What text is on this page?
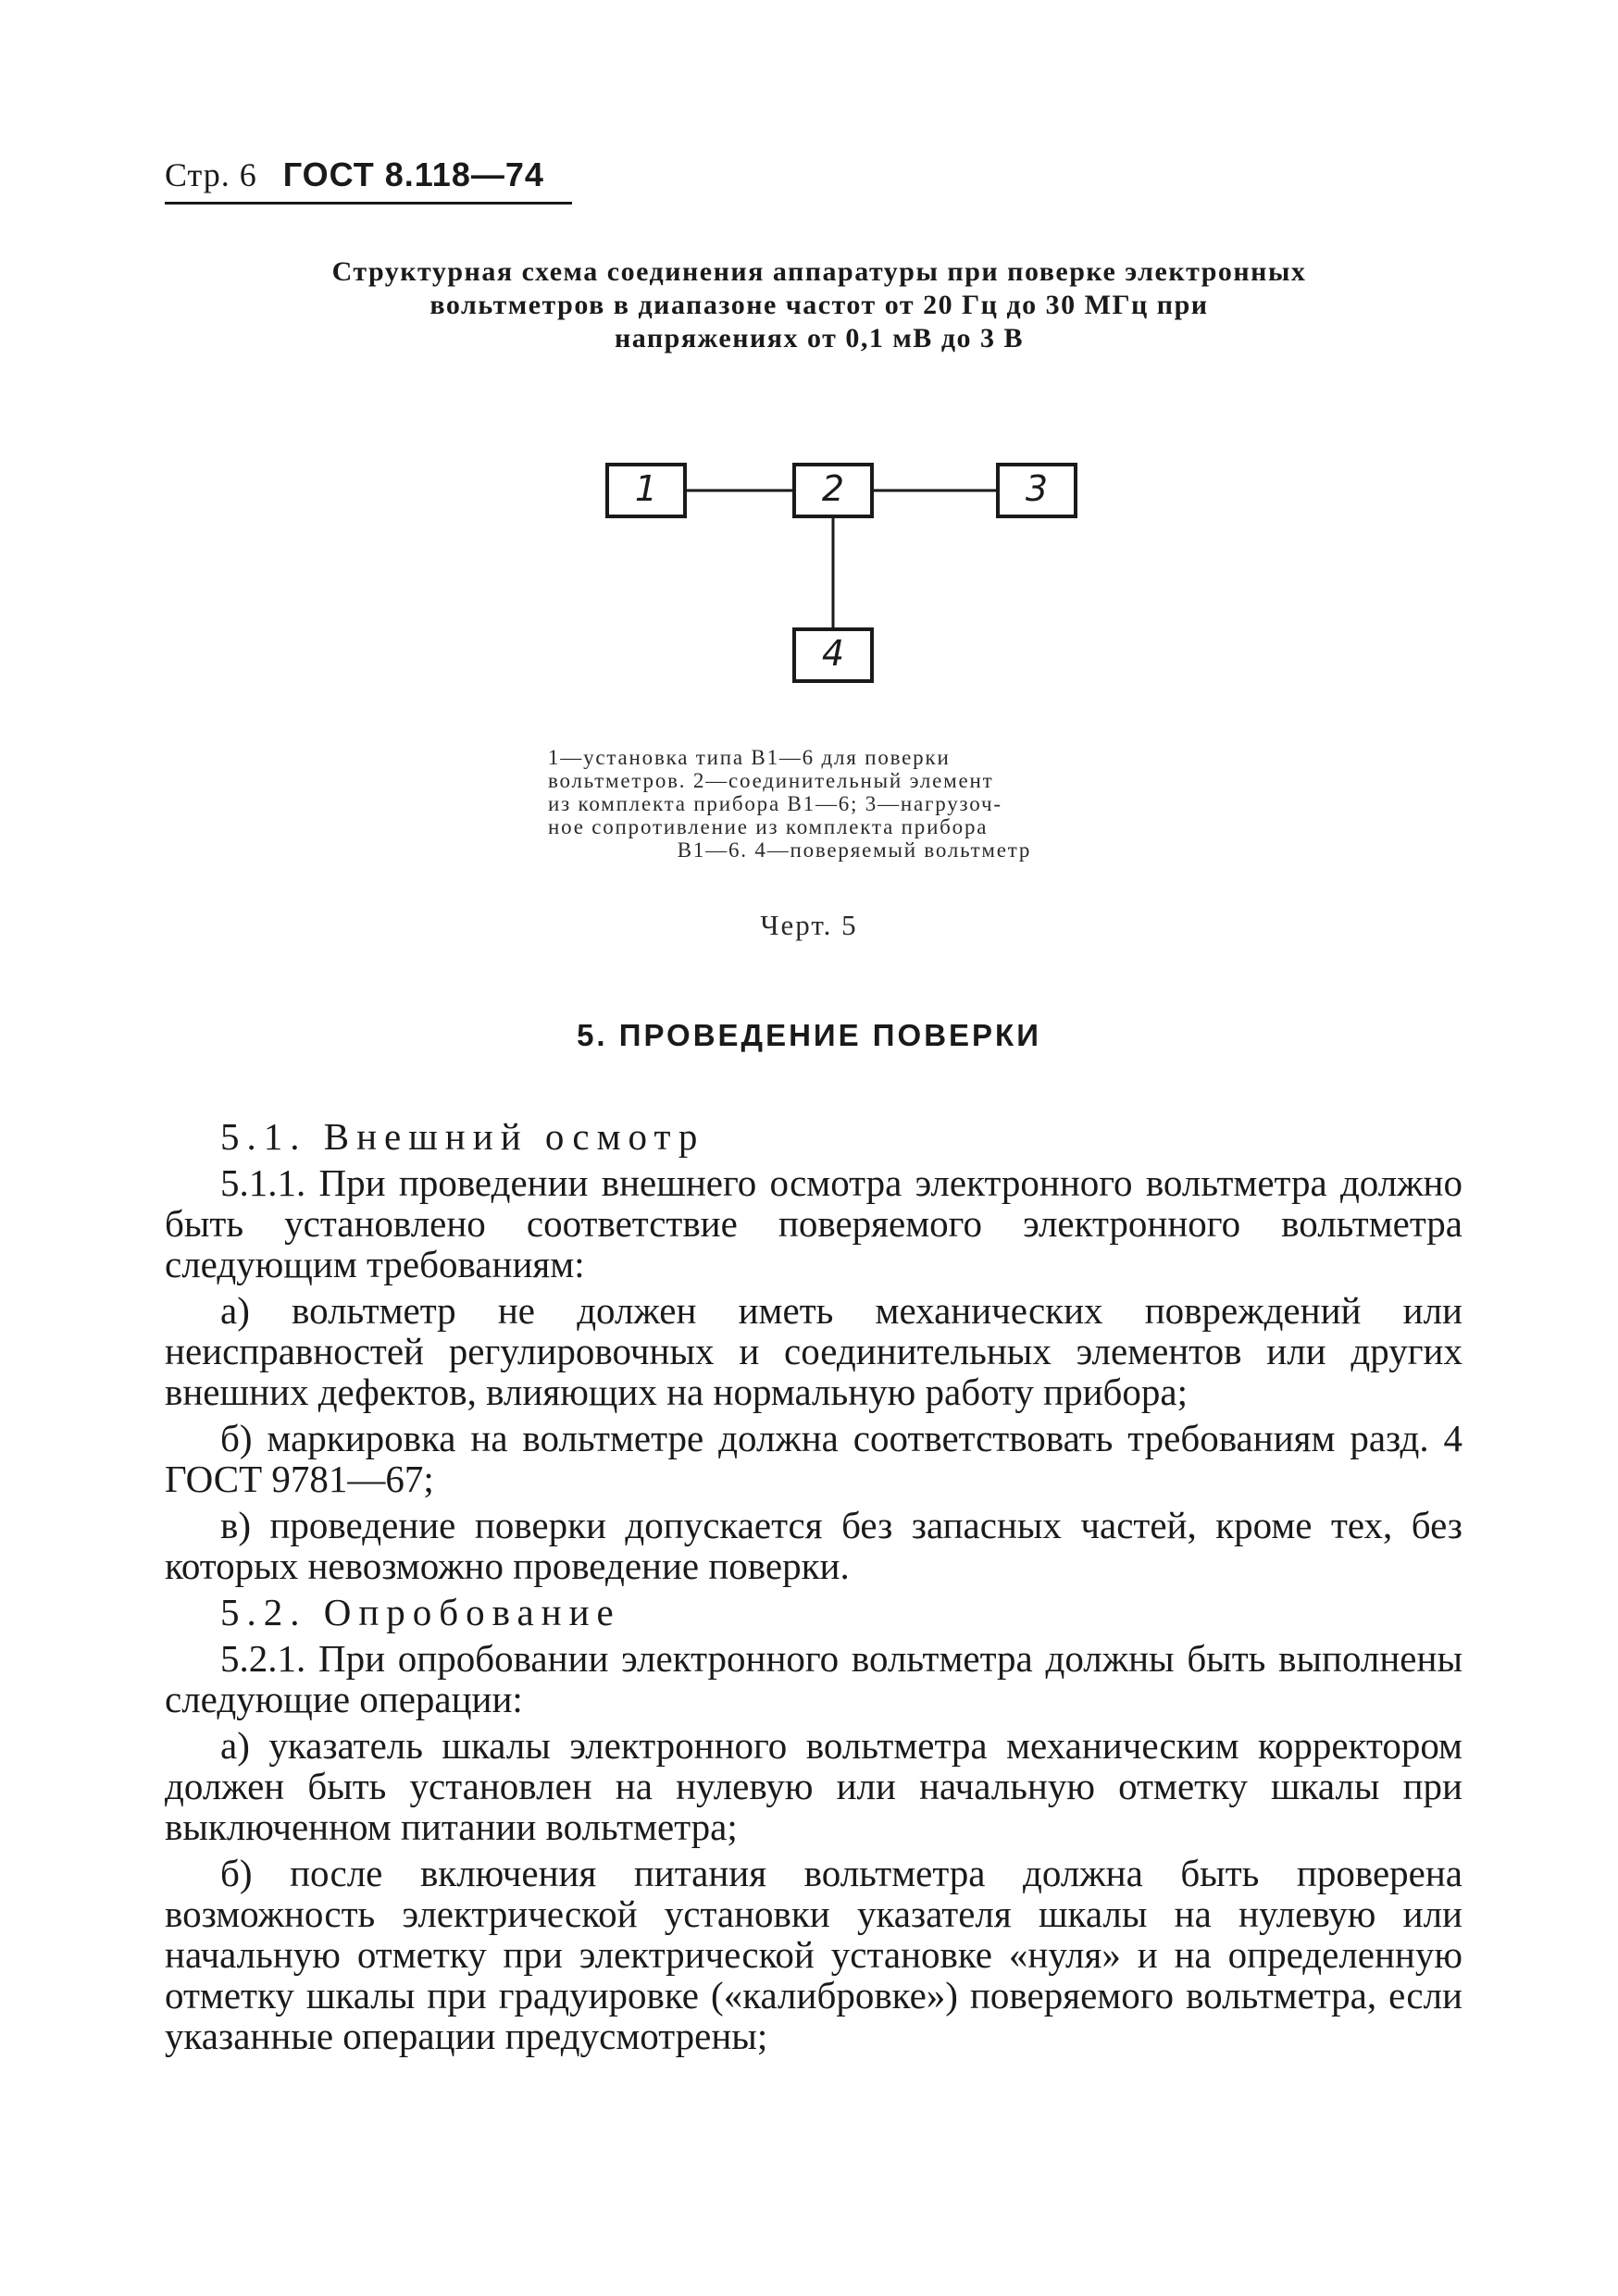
Стр. 6 ГОСТ 8.118—74
Структурная схема соединения аппаратуры при поверке электронных
вольтметров в диапазоне частот от 20 Гц до 30 МГц при
напряжениях от 0,1 мВ до 3 В
1	2	3
4
1—установка типа В1—6 для поверки
вольтметров. 2—соединительный элемент
из комплекта прибора В1—6; 3—нагрузоч-
ное сопротивление из комплекта прибора
В1—6. 4—поверяемый вольтметр
Черт. 5
5. ПРОВЕДЕНИЕ ПОВЕРКИ

5.1. Внешний осмотр

5.1.1. При проведении внешнего осмотра электронного вольтметра должно быть установлено соответствие поверяемого электронного вольтметра следующим требованиям:

а) вольтметр не должен иметь механических повреждений или неисправностей регулировочных и соединительных элементов или других внешних дефектов, влияющих на нормальную работу прибора;

б) маркировка на вольтметре должна соответствовать требованиям разд. 4 ГОСТ 9781—67;

в) проведение поверки допускается без запасных частей, кроме тех, без которых невозможно проведение поверки.

5.2. Опробование

5.2.1. При опробовании электронного вольтметра должны быть выполнены следующие операции:

а) указатель шкалы электронного вольтметра механическим корректором должен быть установлен на нулевую или начальную отметку шкалы при выключенном питании вольтметра;

б) после включения питания вольтметра должна быть проверена возможность электрической установки указателя шкалы на нулевую или начальную отметку при электрической установке «нуля» и на определенную отметку шкалы при градуировке («калибровке») поверяемого вольтметра, если указанные операции предусмотрены;
